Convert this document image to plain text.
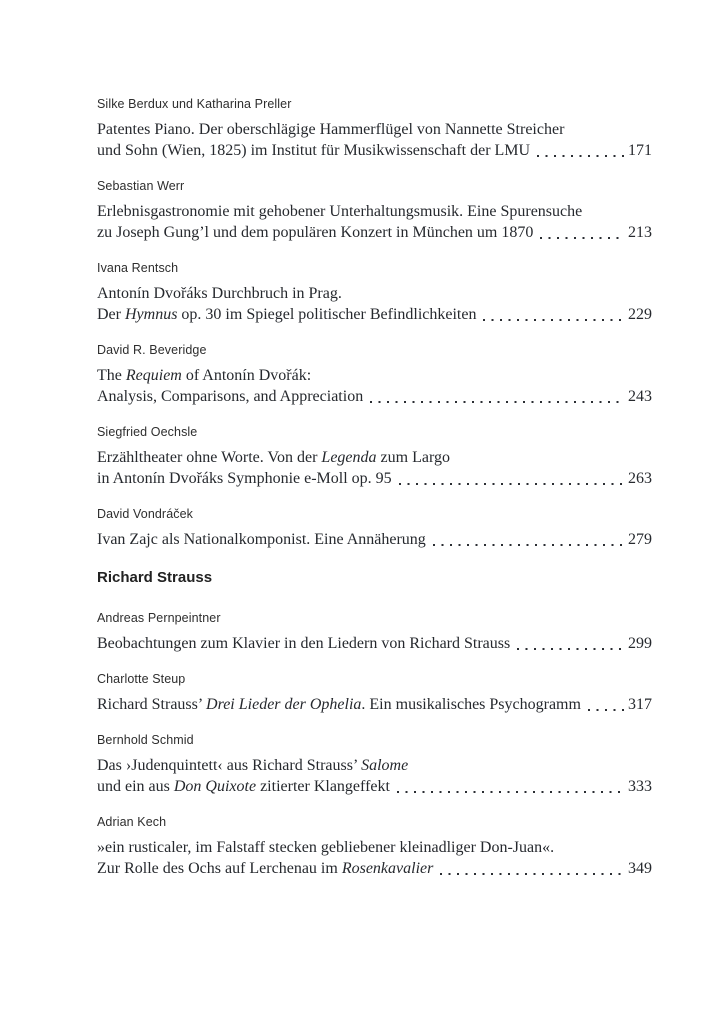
Silke Berdux und Katharina Preller
Patentes Piano. Der oberschlägige Hammerflügel von Nannette Streicher
und Sohn (Wien, 1825) im Institut für Musikwissenschaft der LMU	171
Sebastian Werr
Erlebnisgastronomie mit gehobener Unterhaltungsmusik. Eine Spurensuche
zu Joseph Gung’l und dem populären Konzert in München um 1870	213
Ivana Rentsch
Antonín Dvořáks Durchbruch in Prag.
Der Hymnus op. 30 im Spiegel politischer Befindlichkeiten	229
David R. Beveridge
The Requiem of Antonín Dvořák:
Analysis, Comparisons, and Appreciation	243
Siegfried Oechsle
Erzähltheater ohne Worte. Von der Legenda zum Largo
in Antonín Dvořáks Symphonie e-Moll op. 95	263
David Vondráček
Ivan Zajc als Nationalkomponist. Eine Annäherung	279
Richard Strauss
Andreas Pernpeintner
Beobachtungen zum Klavier in den Liedern von Richard Strauss	299
Charlotte Steup
Richard Strauss’ Drei Lieder der Ophelia. Ein musikalisches Psychogramm	317
Bernhold Schmid
Das ›Judenquintett‹ aus Richard Strauss’ Salome
und ein aus Don Quixote zitierter Klangeffekt	333
Adrian Kech
»ein rusticaler, im Falstaff stecken gebliebener kleinadliger Don-Juan«.
Zur Rolle des Ochs auf Lerchenau im Rosenkavalier	349
